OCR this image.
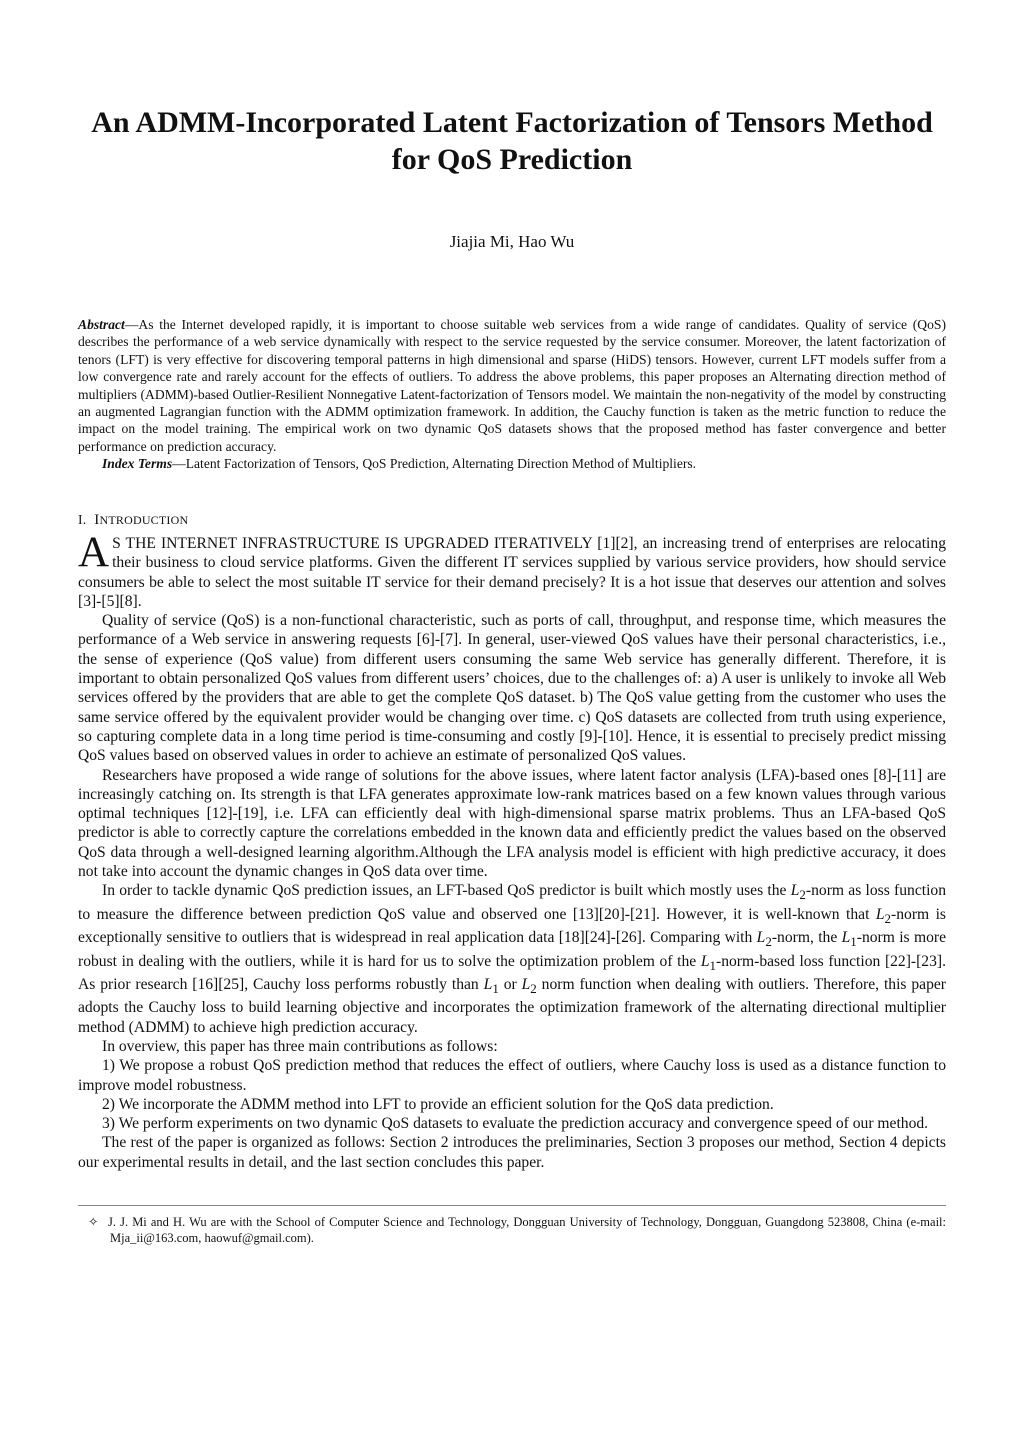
An ADMM-Incorporated Latent Factorization of Tensors Method for QoS Prediction
Jiajia Mi, Hao Wu
Abstract—As the Internet developed rapidly, it is important to choose suitable web services from a wide range of candidates. Quality of service (QoS) describes the performance of a web service dynamically with respect to the service requested by the service consumer. Moreover, the latent factorization of tenors (LFT) is very effective for discovering temporal patterns in high dimensional and sparse (HiDS) tensors. However, current LFT models suffer from a low convergence rate and rarely account for the effects of outliers. To address the above problems, this paper proposes an Alternating direction method of multipliers (ADMM)-based Outlier-Resilient Nonnegative Latent-factorization of Tensors model. We maintain the non-negativity of the model by constructing an augmented Lagrangian function with the ADMM optimization framework. In addition, the Cauchy function is taken as the metric function to reduce the impact on the model training. The empirical work on two dynamic QoS datasets shows that the proposed method has faster convergence and better performance on prediction accuracy.
Index Terms—Latent Factorization of Tensors, QoS Prediction, Alternating Direction Method of Multipliers.
I. INTRODUCTION

A S THE INTERNET INFRASTRUCTURE IS UPGRADED ITERATIVELY [1][2], an increasing trend of enterprises are relocating their business to cloud service platforms. Given the different IT services supplied by various service providers, how should service consumers be able to select the most suitable IT service for their demand precisely? It is a hot issue that deserves our attention and solves [3]-[5][8].

Quality of service (QoS) is a non-functional characteristic, such as ports of call, throughput, and response time, which measures the performance of a Web service in answering requests [6]-[7]. In general, user-viewed QoS values have their personal characteristics, i.e., the sense of experience (QoS value) from different users consuming the same Web service has generally different. Therefore, it is important to obtain personalized QoS values from different users’ choices, due to the challenges of: a) A user is unlikely to invoke all Web services offered by the providers that are able to get the complete QoS dataset. b) The QoS value getting from the customer who uses the same service offered by the equivalent provider would be changing over time. c) QoS datasets are collected from truth using experience, so capturing complete data in a long time period is time-consuming and costly [9]-[10]. Hence, it is essential to precisely predict missing QoS values based on observed values in order to achieve an estimate of personalized QoS values.

Researchers have proposed a wide range of solutions for the above issues, where latent factor analysis (LFA)-based ones [8]-[11] are increasingly catching on. Its strength is that LFA generates approximate low-rank matrices based on a few known values through various optimal techniques [12]-[19], i.e. LFA can efficiently deal with high-dimensional sparse matrix problems. Thus an LFA-based QoS predictor is able to correctly capture the correlations embedded in the known data and efficiently predict the values based on the observed QoS data through a well-designed learning algorithm.Although the LFA analysis model is efficient with high predictive accuracy, it does not take into account the dynamic changes in QoS data over time.

In order to tackle dynamic QoS prediction issues, an LFT-based QoS predictor is built which mostly uses the $L_2$-norm as loss function to measure the difference between prediction QoS value and observed one [13][20]-[21]. However, it is well-known that $L_2$-norm is exceptionally sensitive to outliers that is widespread in real application data [18][24]-[26]. Comparing with $L_2$-norm, the $L_1$-norm is more robust in dealing with the outliers, while it is hard for us to solve the optimization problem of the $L_1-norm$-based loss function [22]-[23]. As prior research [16][25], Cauchy loss performs robustly than $L_1$ or $L_2$ norm function when dealing with outliers. Therefore, this paper adopts the Cauchy loss to build learning objective and incorporates the optimization framework of the alternating directional multiplier method (ADMM) to achieve high prediction accuracy.

In overview, this paper has three main contributions as follows:

1) We propose a robust QoS prediction method that reduces the effect of outliers, where Cauchy loss is used as a distance function to improve model robustness.

2) We incorporate the ADMM method into LFT to provide an efficient solution for the QoS data prediction.

3) We perform experiments on two dynamic QoS datasets to evaluate the prediction accuracy and convergence speed of our method.

The rest of the paper is organized as follows: Section 2 introduces the preliminaries, Section 3 proposes our method, Section 4 depicts our experimental results in detail, and the last section concludes this paper.

✧ J. J. Mi and H. Wu are with the School of Computer Science and Technology, Dongguan University of Technology, Dongguan, Guangdong 523808, China (e-mail: Mja_ii@163.com, haowuf@gmail.com).
